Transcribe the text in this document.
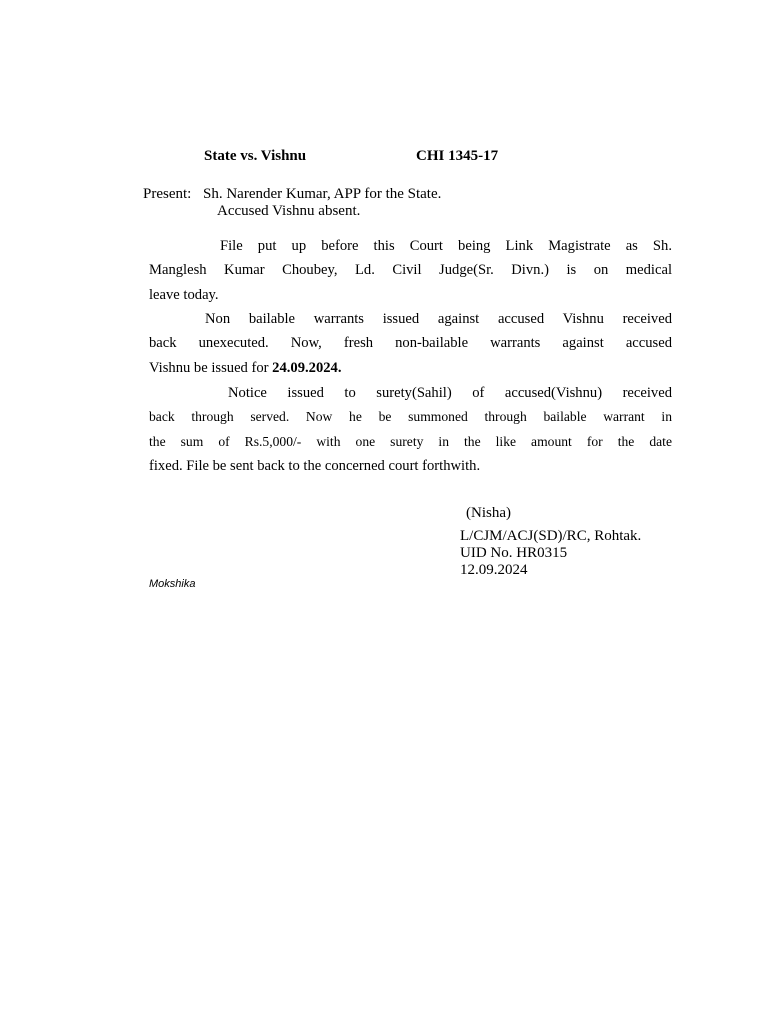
State vs. Vishnu	CHI 1345-17
Present: Sh. Narender Kumar, APP for the State.
Accused Vishnu absent.
File put up before this Court being Link Magistrate as Sh.
Manglesh Kumar Choubey, Ld. Civil Judge(Sr. Divn.) is on medical
leave today.
Non bailable warrants issued against accused Vishnu received
back unexecuted. Now, fresh non-bailable warrants against accused
Vishnu be issued for 24.09.2024.
Notice issued to surety(Sahil) of accused(Vishnu) received
back through served. Now he be summoned through bailable warrant in
the sum of Rs.5,000/- with one surety in the like amount for the date
fixed. File be sent back to the concerned court forthwith.
(Nisha)
L/CJM/ACJ(SD)/RC, Rohtak.
UID No. HR0315
12.09.2024
Mokshika
